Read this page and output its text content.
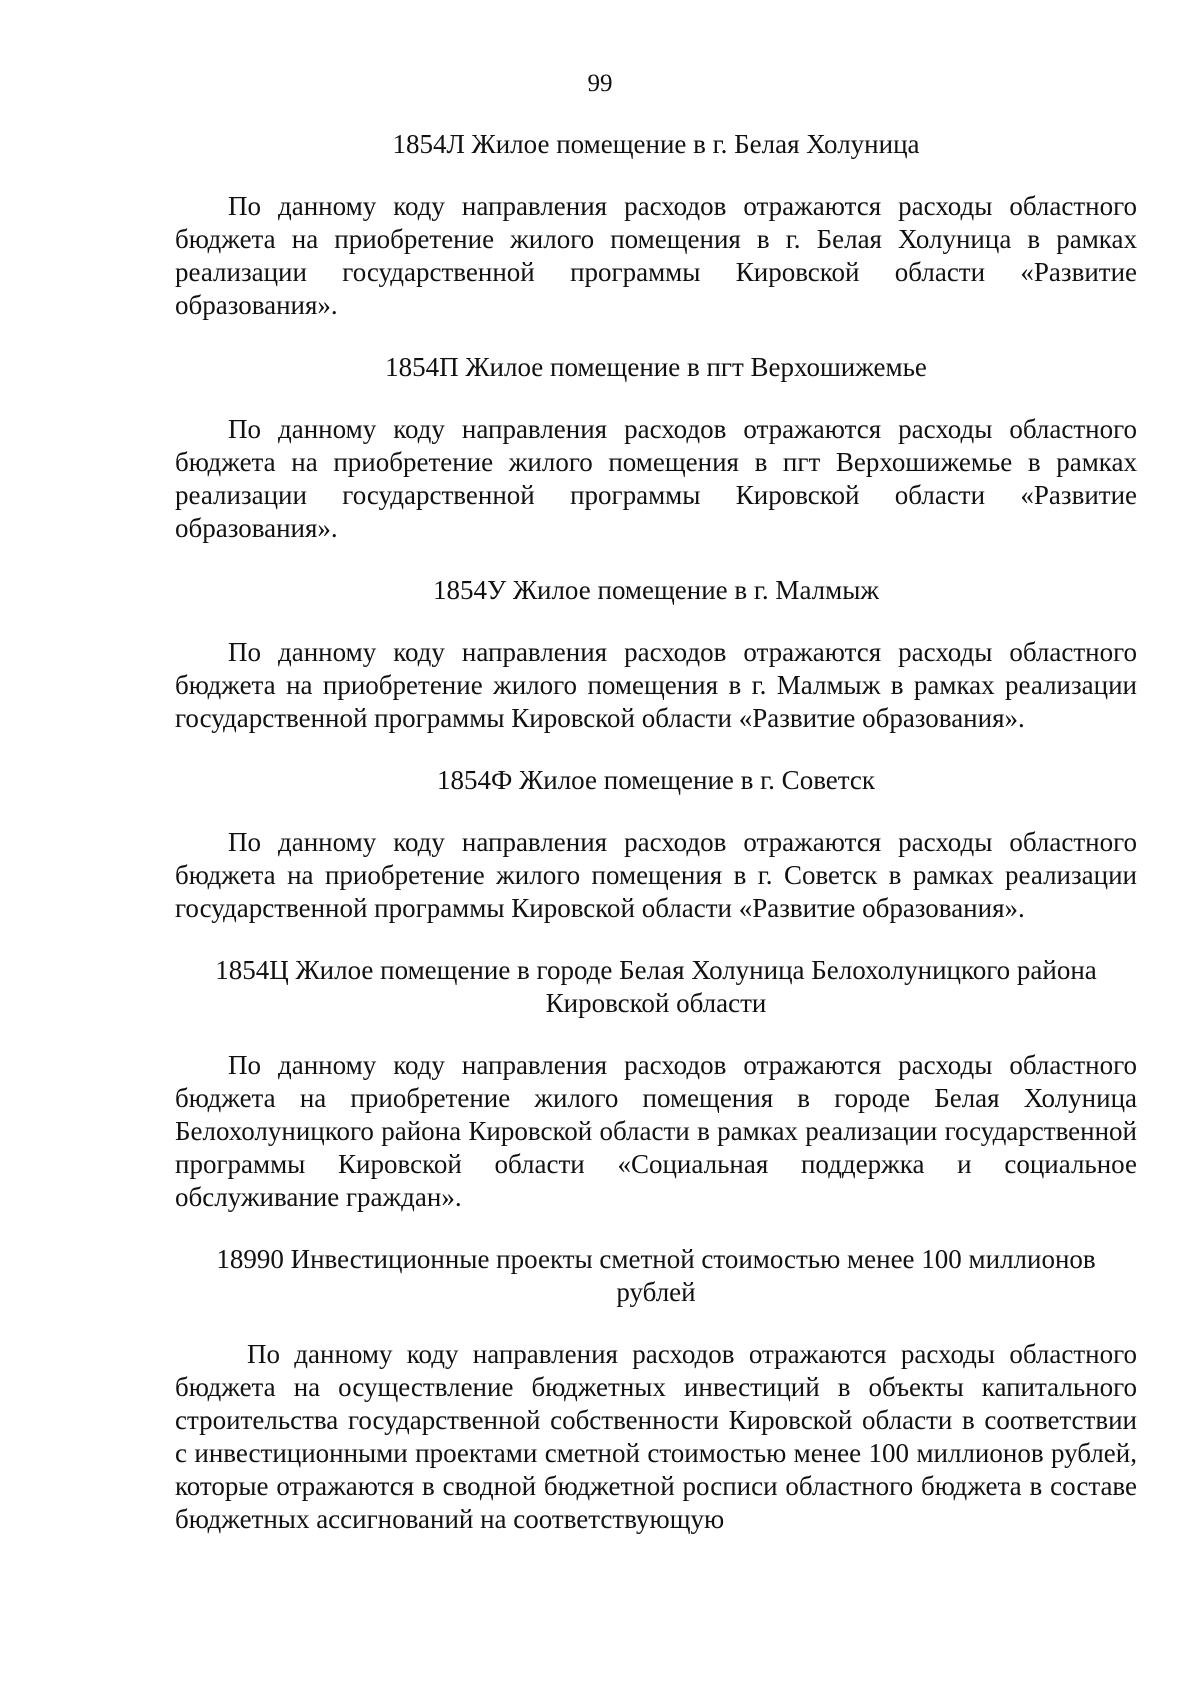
99
1854Л Жилое помещение в г. Белая Холуница

По данному коду направления расходов отражаются расходы областного бюджета на приобретение жилого помещения в г. Белая Холуница в рамках реализации государственной программы Кировской области «Развитие образования».

1854П Жилое помещение в пгт Верхошижемье

По данному коду направления расходов отражаются расходы областного бюджета на приобретение жилого помещения в пгт Верхошижемье в рамках реализации государственной программы Кировской области «Развитие образования».

1854У Жилое помещение в г. Малмыж

По данному коду направления расходов отражаются расходы областного бюджета на приобретение жилого помещения в г. Малмыж в рамках реализации государственной программы Кировской области «Развитие образования».

1854Ф Жилое помещение в г. Советск

По данному коду направления расходов отражаются расходы областного бюджета на приобретение жилого помещения в г. Советск в рамках реализации государственной программы Кировской области «Развитие образования».

1854Ц Жилое помещение в городе Белая Холуница Белохолуницкого района
Кировской области

По данному коду направления расходов отражаются расходы областного бюджета на приобретение жилого помещения в городе Белая Холуница Белохолуницкого района Кировской области в рамках реализации государственной программы Кировской области «Социальная поддержка и социальное обслуживание граждан».

18990 Инвестиционные проекты сметной стоимостью менее 100 миллионов
рублей

По данному коду направления расходов отражаются расходы областного бюджета на осуществление бюджетных инвестиций в объекты капитального строительства государственной собственности Кировской области в соответствии с инвестиционными проектами сметной стоимостью менее 100 миллионов рублей, которые отражаются в сводной бюджетной росписи областного бюджета в составе бюджетных ассигнований на соответствующую
